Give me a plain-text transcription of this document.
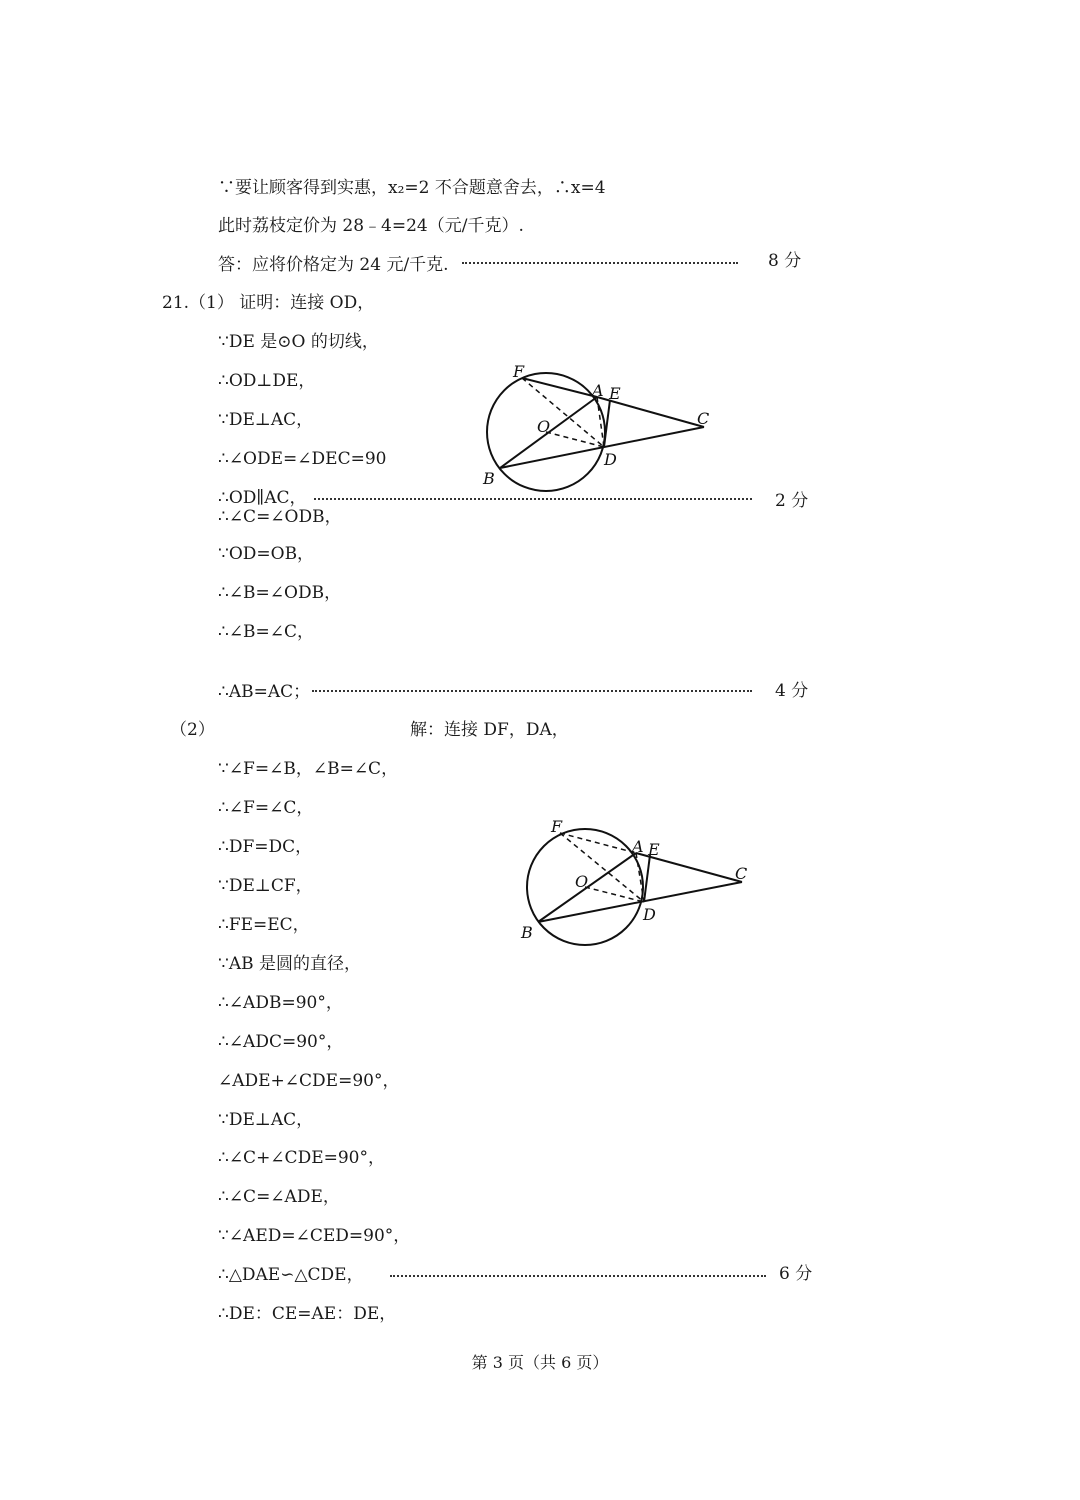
∵要让顾客得到实惠，x₂=2 不合题意舍去，∴x=4
此时荔枝定价为 28﹣4=24（元/千克）.
答：应将价格定为 24 元/千克.	8 分
21.（1） 证明：连接 OD，
∵DE 是⊙O 的切线，
∴OD⊥DE，
∵DE⊥AC，
∴∠ODE=∠DEC=90
∴OD∥AC，	2 分
∴∠C=∠ODB，
∵OD=OB，
∴∠B=∠ODB，
∴∠B=∠C，
∴AB=AC；	4 分
F
A E
C
O
D
B
（2）	解：连接 DF，DA，
∵∠F=∠B，∠B=∠C，
∴∠F=∠C，
∴DF=DC，
∵DE⊥CF，
∴FE=EC，
∵AB 是圆的直径，
∴∠ADB=90°，
∴∠ADC=90°，
∠ADE+∠CDE=90°，
∵DE⊥AC，
∴∠C+∠CDE=90°，
∴∠C=∠ADE，
∵∠AED=∠CED=90°，
∴△DAE∽△CDE，	6 分
∴DE：CE=AE：DE，
F
A E
C
O
D
B
第 3 页（共 6 页）
